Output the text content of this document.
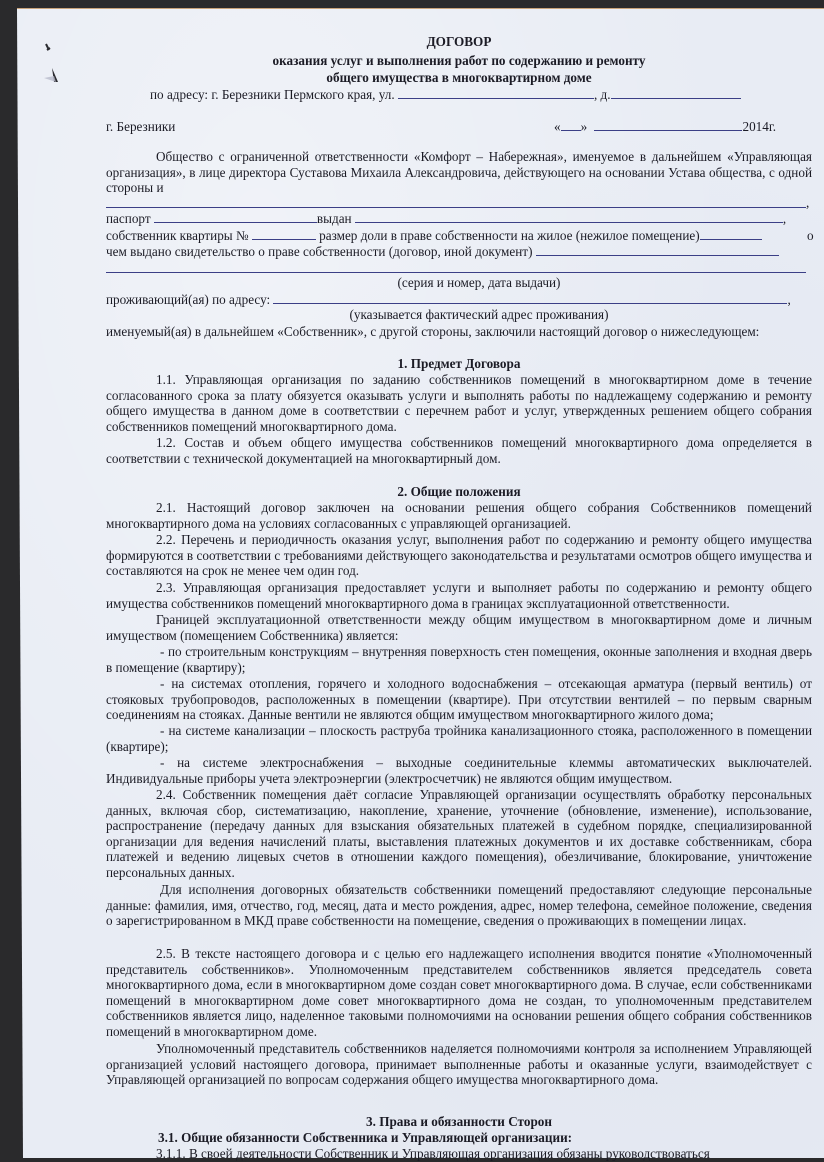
ДОГОВОР
оказания услуг и выполнения работ по содержанию и ремонту
общего имущества в многоквартирном доме
по адресу: г. Березники Пермского края, ул.	, д.
г. Березники	« »	2014г.

Общество с ограниченной ответственности «Комфорт – Набережная», именуемое в дальнейшем «Управляющая организация», в лице директора Суставова Михаила Александровича, действующего на основании Устава общества, с одной стороны и

,
паспорт	выдан	,
собственник квартиры №	размер доли в праве собственности на жилое (нежилое помещение)	о
чем выдано свидетельство о праве собственности (договор, иной документ)
(серия и номер, дата выдачи)
проживающий(ая) по адресу:	,
(указывается фактический адрес проживания)
именуемый(ая) в дальнейшем «Собственник», с другой стороны, заключили настоящий договор о нижеследующем:
1. Предмет Договора

1.1. Управляющая организация по заданию собственников помещений в многоквартирном доме в течение согласованного срока за плату обязуется оказывать услуги и выполнять работы по надлежащему содержанию и ремонту общего имущества в данном доме в соответствии с перечнем работ и услуг, утвержденных решением общего собрания собственников помещений многоквартирного дома.

1.2. Состав и объем общего имущества собственников помещений многоквартирного дома определяется в соответствии с технической документацией на многоквартирный дом.

2. Общие положения

2.1. Настоящий договор заключен на основании решения общего собрания Собственников помещений многоквартирного дома на условиях согласованных с управляющей организацией.

2.2. Перечень и периодичность оказания услуг, выполнения работ по содержанию и ремонту общего имущества формируются в соответствии с требованиями действующего законодательства и результатами осмотров общего имущества и составляются на срок не менее чем один год.

2.3. Управляющая организация предоставляет услуги и выполняет работы по содержанию и ремонту общего имущества собственников помещений многоквартирного дома в границах эксплуатационной ответственности.

Границей эксплуатационной ответственности между общим имуществом в многоквартирном доме и личным имуществом (помещением Собственника) является:

- по строительным конструкциям – внутренняя поверхность стен помещения, оконные заполнения и входная дверь в помещение (квартиру);

- на системах отопления, горячего и холодного водоснабжения – отсекающая арматура (первый вентиль) от стояковых трубопроводов, расположенных в помещении (квартире). При отсутствии вентилей – по первым сварным соединениям на стояках. Данные вентили не являются общим имуществом многоквартирного жилого дома;

- на системе канализации – плоскость раструба тройника канализационного стояка, расположенного в помещении (квартире);

- на системе электроснабжения – выходные соединительные клеммы автоматических выключателей. Индивидуальные приборы учета электроэнергии (электросчетчик) не являются общим имуществом.

2.4. Собственник помещения даёт согласие Управляющей организации осуществлять обработку персональных данных, включая сбор, систематизацию, накопление, хранение, уточнение (обновление, изменение), использование, распространение (передачу данных для взыскания обязательных платежей в судебном порядке, специализированной организации для ведения начислений платы, выставления платежных документов и их доставке собственникам, сбора платежей и ведению лицевых счетов в отношении каждого помещения), обезличивание, блокирование, уничтожение персональных данных.

Для исполнения договорных обязательств собственники помещений предоставляют следующие персональные данные: фамилия, имя, отчество, год, месяц, дата и место рождения, адрес, номер телефона, семейное положение, сведения о зарегистрированном в МКД праве собственности на помещение, сведения о проживающих в помещении лицах.

2.5. В тексте настоящего договора и с целью его надлежащего исполнения вводится понятие «Уполномоченный представитель собственников». Уполномоченным представителем собственников является председатель совета многоквартирного дома, если в многоквартирном доме создан совет многоквартирного дома. В случае, если собственниками помещений в многоквартирном доме совет многоквартирного дома не создан, то уполномоченным представителем собственников является лицо, наделенное таковыми полномочиями на основании решения общего собрания собственников помещений в многоквартирном доме.

Уполномоченный представитель собственников наделяется полномочиями контроля за исполнением Управляющей организацией условий настоящего договора, принимает выполненные работы и оказанные услуги, взаимодействует с Управляющей организацией по вопросам содержания общего имущества многоквартирного дома.

3. Права и обязанности Сторон
3.1. Общие обязанности Собственника и Управляющей организации:

3.1.1. В своей деятельности Собственник и Управляющая организация обязаны руководствоваться
